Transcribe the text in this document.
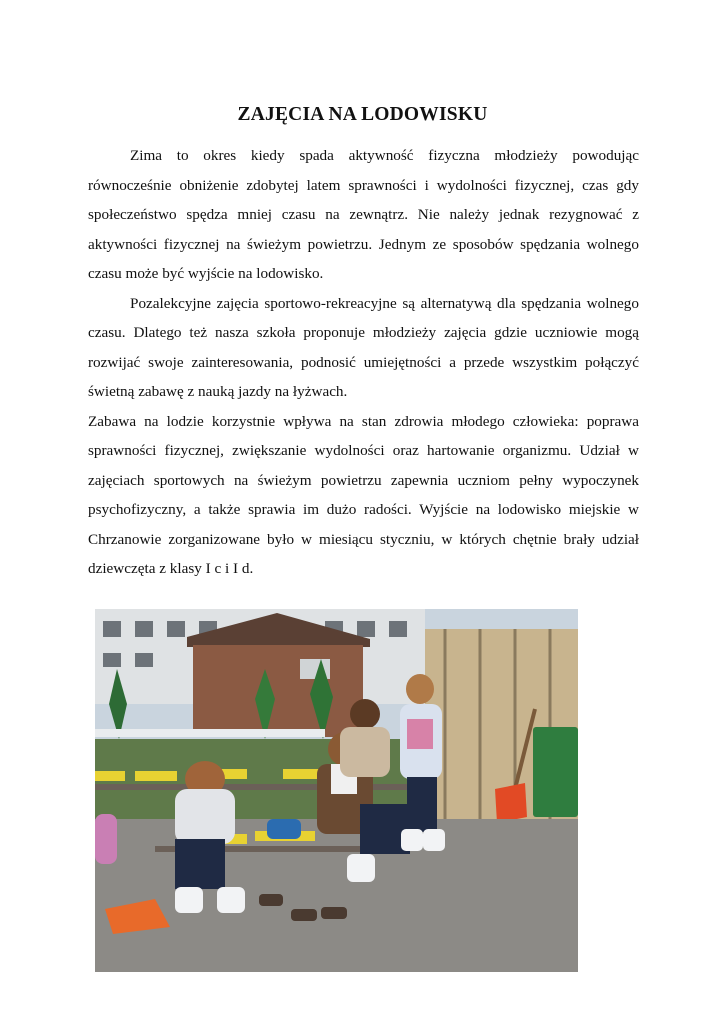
ZAJĘCIA NA LODOWISKU

Zima to okres kiedy spada aktywność fizyczna młodzieży powodując równocześnie obniżenie zdobytej latem sprawności i wydolności fizycznej, czas gdy społeczeństwo spędza mniej czasu na zewnątrz. Nie należy jednak rezygnować z aktywności fizycznej na świeżym powietrzu. Jednym ze sposobów spędzania wolnego czasu może być wyjście na lodowisko.

Pozalekcyjne zajęcia sportowo-rekreacyjne są alternatywą dla spędzania wolnego czasu. Dlatego też nasza szkoła proponuje młodzieży zajęcia gdzie uczniowie mogą rozwijać swoje zainteresowania, podnosić umiejętności a przede wszystkim połączyć świetną zabawę z nauką jazdy na łyżwach.

Zabawa na lodzie korzystnie wpływa na stan zdrowia młodego człowieka: poprawa sprawności fizycznej, zwiększanie wydolności oraz hartowanie organizmu. Udział w zajęciach sportowych na świeżym powietrzu zapewnia uczniom pełny wypoczynek psychofizyczny, a także sprawia im dużo radości. Wyjście na lodowisko miejskie w Chrzanowie zorganizowane było w miesiącu styczniu, w których chętnie brały udział dziewczęta z klasy I c i I d.
